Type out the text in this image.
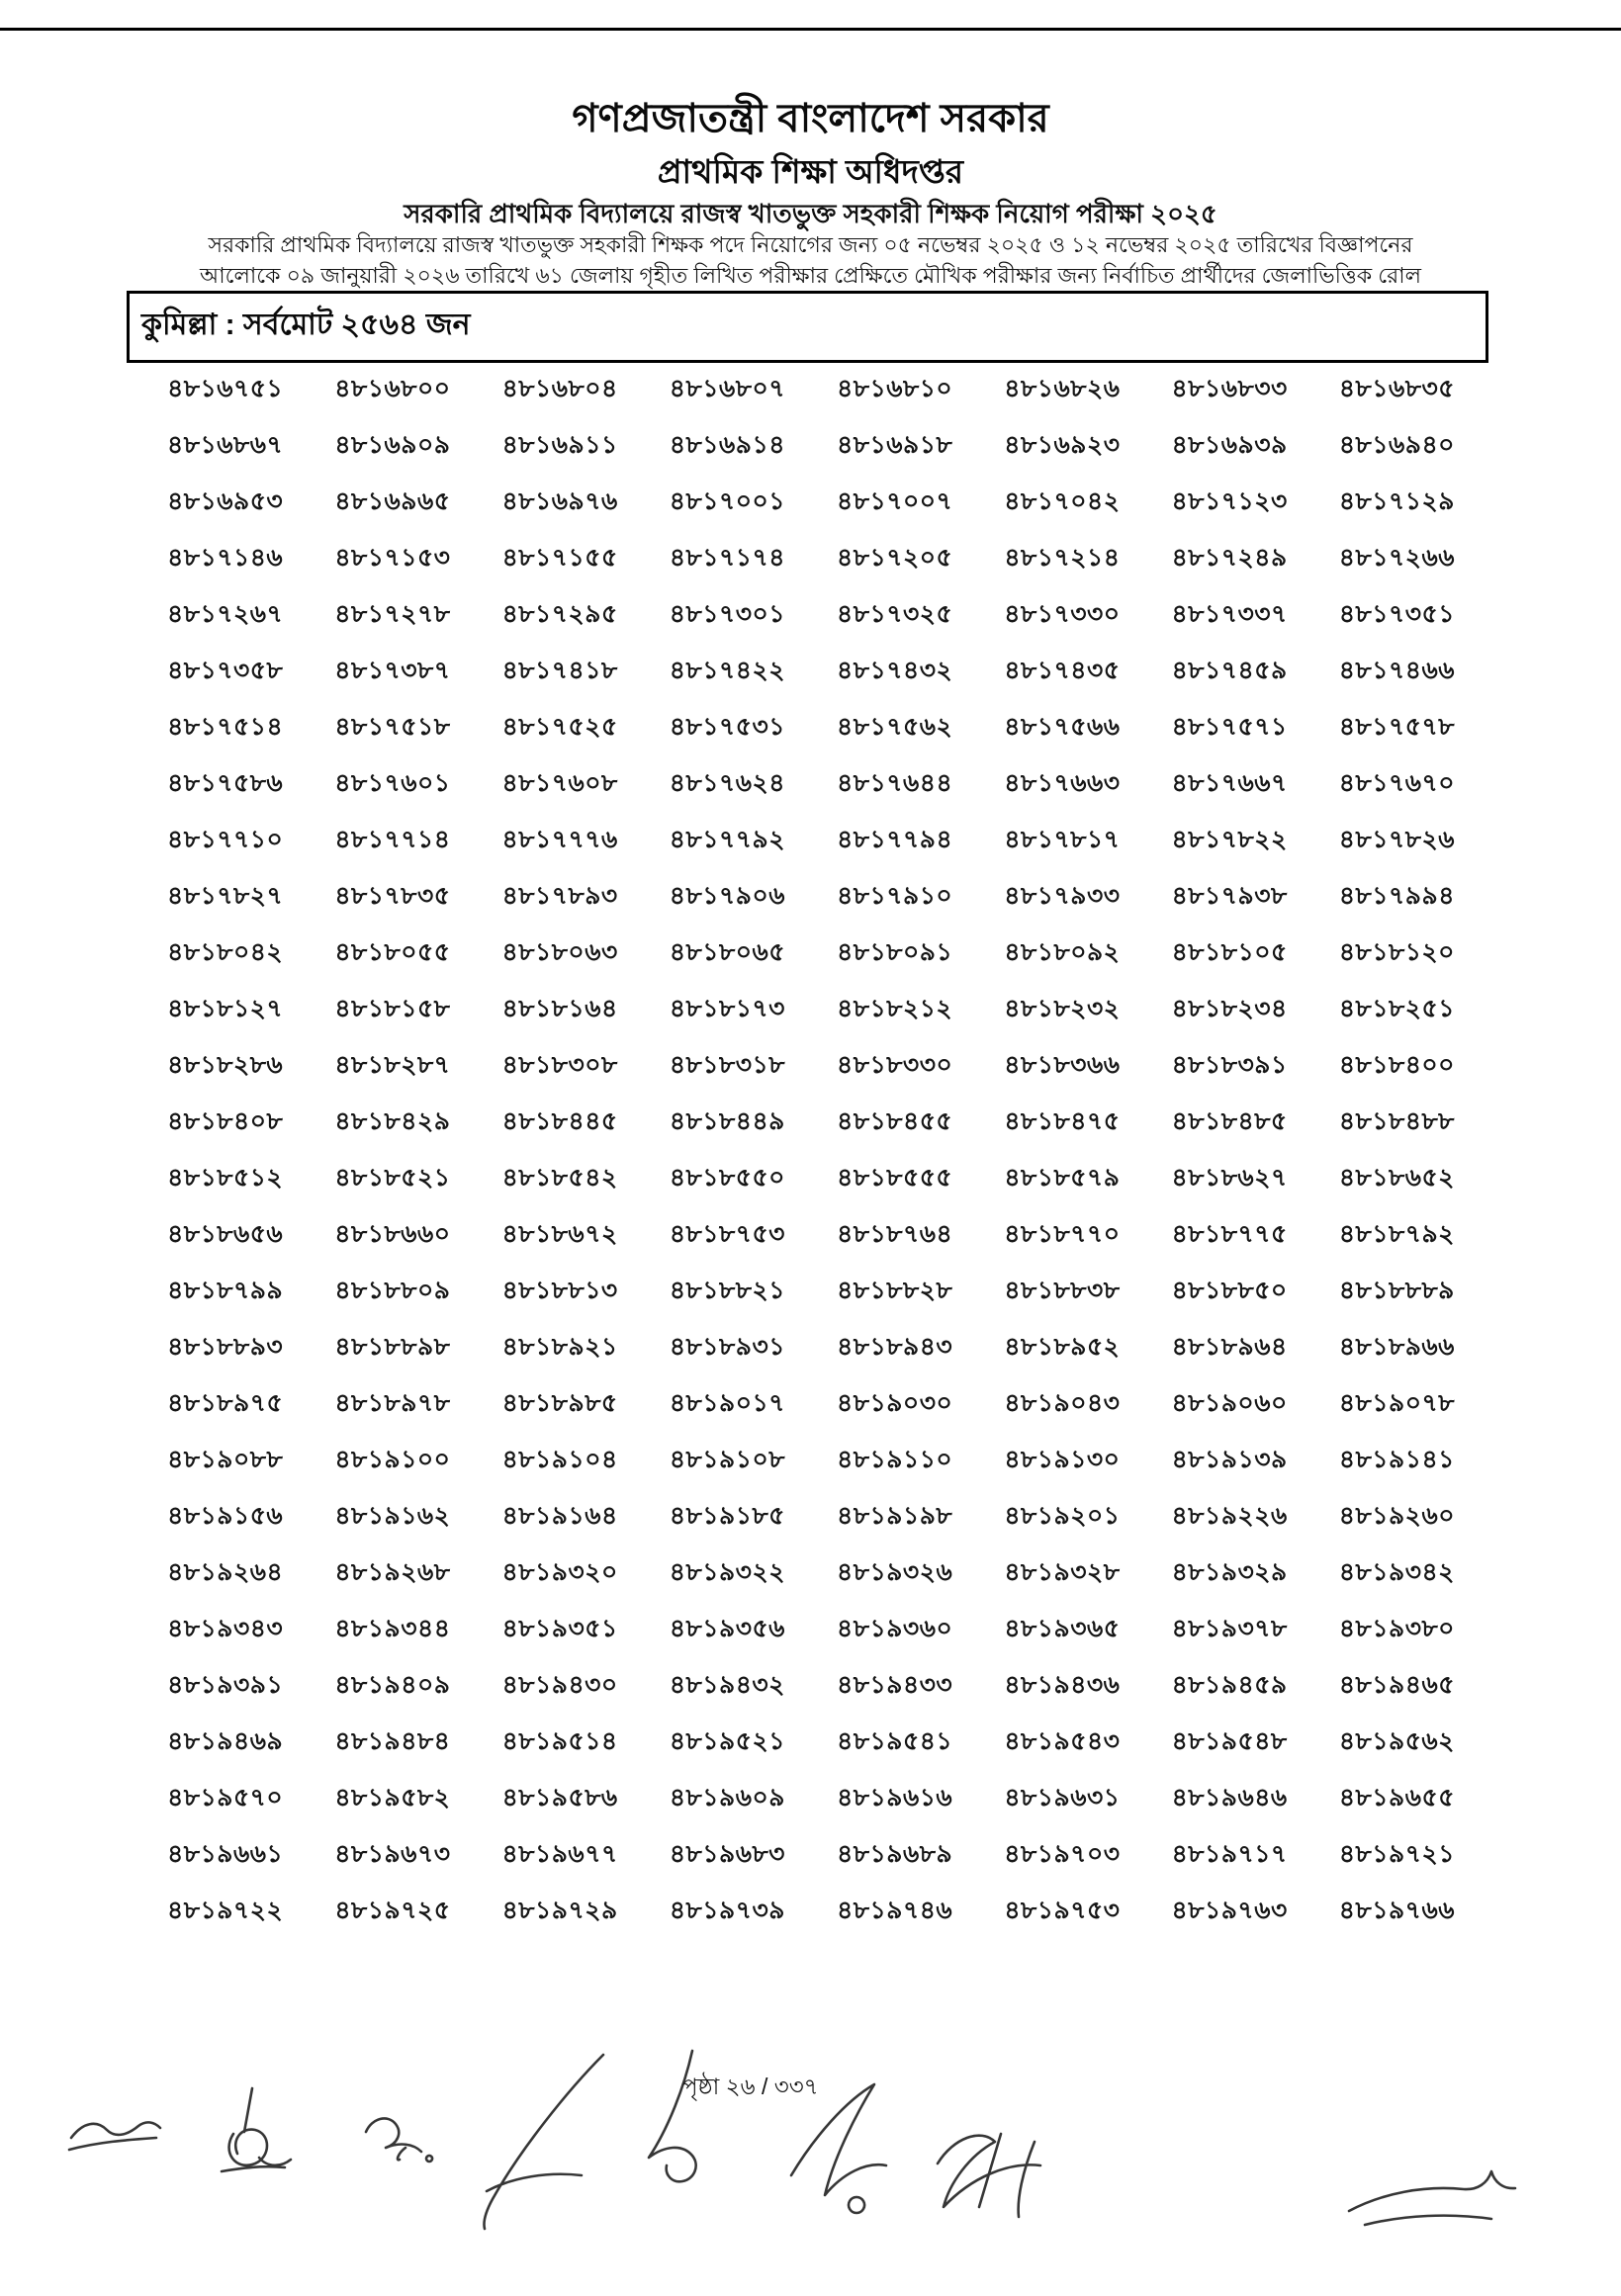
গণপ্রজাতন্ত্রী বাংলাদেশ সরকার
প্রাথমিক শিক্ষা অধিদপ্তর
সরকারি প্রাথমিক বিদ্যালয়ে রাজস্ব খাতভুক্ত সহকারী শিক্ষক নিয়োগ পরীক্ষা ২০২৫

সরকারি প্রাথমিক বিদ্যালয়ে রাজস্ব খাতভুক্ত সহকারী শিক্ষক পদে নিয়োগের জন্য ০৫ নভেম্বর ২০২৫ ও ১২ নভেম্বর ২০২৫ তারিখের বিজ্ঞাপনের
আলোকে ০৯ জানুয়ারী ২০২৬ তারিখে ৬১ জেলায় গৃহীত লিখিত পরীক্ষার প্রেক্ষিতে মৌখিক পরীক্ষার জন্য নির্বাচিত প্রার্থীদের জেলাভিত্তিক রোল

কুমিল্লা : সর্বমোট ২৫৬৪ জন
৪৮১৬৭৫১	৪৮১৬৮০০	৪৮১৬৮০৪	৪৮১৬৮০৭	৪৮১৬৮১০	৪৮১৬৮২৬	৪৮১৬৮৩৩	৪৮১৬৮৩৫
৪৮১৬৮৬৭	৪৮১৬৯০৯	৪৮১৬৯১১	৪৮১৬৯১৪	৪৮১৬৯১৮	৪৮১৬৯২৩	৪৮১৬৯৩৯	৪৮১৬৯৪০
৪৮১৬৯৫৩	৪৮১৬৯৬৫	৪৮১৬৯৭৬	৪৮১৭০০১	৪৮১৭০০৭	৪৮১৭০৪২	৪৮১৭১২৩	৪৮১৭১২৯
৪৮১৭১৪৬	৪৮১৭১৫৩	৪৮১৭১৫৫	৪৮১৭১৭৪	৪৮১৭২০৫	৪৮১৭২১৪	৪৮১৭২৪৯	৪৮১৭২৬৬
৪৮১৭২৬৭	৪৮১৭২৭৮	৪৮১৭২৯৫	৪৮১৭৩০১	৪৮১৭৩২৫	৪৮১৭৩৩০	৪৮১৭৩৩৭	৪৮১৭৩৫১
৪৮১৭৩৫৮	৪৮১৭৩৮৭	৪৮১৭৪১৮	৪৮১৭৪২২	৪৮১৭৪৩২	৪৮১৭৪৩৫	৪৮১৭৪৫৯	৪৮১৭৪৬৬
৪৮১৭৫১৪	৪৮১৭৫১৮	৪৮১৭৫২৫	৪৮১৭৫৩১	৪৮১৭৫৬২	৪৮১৭৫৬৬	৪৮১৭৫৭১	৪৮১৭৫৭৮
৪৮১৭৫৮৬	৪৮১৭৬০১	৪৮১৭৬০৮	৪৮১৭৬২৪	৪৮১৭৬৪৪	৪৮১৭৬৬৩	৪৮১৭৬৬৭	৪৮১৭৬৭০
৪৮১৭৭১০	৪৮১৭৭১৪	৪৮১৭৭৭৬	৪৮১৭৭৯২	৪৮১৭৭৯৪	৪৮১৭৮১৭	৪৮১৭৮২২	৪৮১৭৮২৬
৪৮১৭৮২৭	৪৮১৭৮৩৫	৪৮১৭৮৯৩	৪৮১৭৯০৬	৪৮১৭৯১০	৪৮১৭৯৩৩	৪৮১৭৯৩৮	৪৮১৭৯৯৪
৪৮১৮০৪২	৪৮১৮০৫৫	৪৮১৮০৬৩	৪৮১৮০৬৫	৪৮১৮০৯১	৪৮১৮০৯২	৪৮১৮১০৫	৪৮১৮১২০
৪৮১৮১২৭	৪৮১৮১৫৮	৪৮১৮১৬৪	৪৮১৮১৭৩	৪৮১৮২১২	৪৮১৮২৩২	৪৮১৮২৩৪	৪৮১৮২৫১
৪৮১৮২৮৬	৪৮১৮২৮৭	৪৮১৮৩০৮	৪৮১৮৩১৮	৪৮১৮৩৩০	৪৮১৮৩৬৬	৪৮১৮৩৯১	৪৮১৮৪০০
৪৮১৮৪০৮	৪৮১৮৪২৯	৪৮১৮৪৪৫	৪৮১৮৪৪৯	৪৮১৮৪৫৫	৪৮১৮৪৭৫	৪৮১৮৪৮৫	৪৮১৮৪৮৮
৪৮১৮৫১২	৪৮১৮৫২১	৪৮১৮৫৪২	৪৮১৮৫৫০	৪৮১৮৫৫৫	৪৮১৮৫৭৯	৪৮১৮৬২৭	৪৮১৮৬৫২
৪৮১৮৬৫৬	৪৮১৮৬৬০	৪৮১৮৬৭২	৪৮১৮৭৫৩	৪৮১৮৭৬৪	৪৮১৮৭৭০	৪৮১৮৭৭৫	৪৮১৮৭৯২
৪৮১৮৭৯৯	৪৮১৮৮০৯	৪৮১৮৮১৩	৪৮১৮৮২১	৪৮১৮৮২৮	৪৮১৮৮৩৮	৪৮১৮৮৫০	৪৮১৮৮৮৯
৪৮১৮৮৯৩	৪৮১৮৮৯৮	৪৮১৮৯২১	৪৮১৮৯৩১	৪৮১৮৯৪৩	৪৮১৮৯৫২	৪৮১৮৯৬৪	৪৮১৮৯৬৬
৪৮১৮৯৭৫	৪৮১৮৯৭৮	৪৮১৮৯৮৫	৪৮১৯০১৭	৪৮১৯০৩০	৪৮১৯০৪৩	৪৮১৯০৬০	৪৮১৯০৭৮
৪৮১৯০৮৮	৪৮১৯১০০	৪৮১৯১০৪	৪৮১৯১০৮	৪৮১৯১১০	৪৮১৯১৩০	৪৮১৯১৩৯	৪৮১৯১৪১
৪৮১৯১৫৬	৪৮১৯১৬২	৪৮১৯১৬৪	৪৮১৯১৮৫	৪৮১৯১৯৮	৪৮১৯২০১	৪৮১৯২২৬	৪৮১৯২৬০
৪৮১৯২৬৪	৪৮১৯২৬৮	৪৮১৯৩২০	৪৮১৯৩২২	৪৮১৯৩২৬	৪৮১৯৩২৮	৪৮১৯৩২৯	৪৮১৯৩৪২
৪৮১৯৩৪৩	৪৮১৯৩৪৪	৪৮১৯৩৫১	৪৮১৯৩৫৬	৪৮১৯৩৬০	৪৮১৯৩৬৫	৪৮১৯৩৭৮	৪৮১৯৩৮০
৪৮১৯৩৯১	৪৮১৯৪০৯	৪৮১৯৪৩০	৪৮১৯৪৩২	৪৮১৯৪৩৩	৪৮১৯৪৩৬	৪৮১৯৪৫৯	৪৮১৯৪৬৫
৪৮১৯৪৬৯	৪৮১৯৪৮৪	৪৮১৯৫১৪	৪৮১৯৫২১	৪৮১৯৫৪১	৪৮১৯৫৪৩	৪৮১৯৫৪৮	৪৮১৯৫৬২
৪৮১৯৫৭০	৪৮১৯৫৮২	৪৮১৯৫৮৬	৪৮১৯৬০৯	৪৮১৯৬১৬	৪৮১৯৬৩১	৪৮১৯৬৪৬	৪৮১৯৬৫৫
৪৮১৯৬৬১	৪৮১৯৬৭৩	৪৮১৯৬৭৭	৪৮১৯৬৮৩	৪৮১৯৬৮৯	৪৮১৯৭০৩	৪৮১৯৭১৭	৪৮১৯৭২১
৪৮১৯৭২২	৪৮১৯৭২৫	৪৮১৯৭২৯	৪৮১৯৭৩৯	৪৮১৯৭৪৬	৪৮১৯৭৫৩	৪৮১৯৭৬৩	৪৮১৯৭৬৬
পৃষ্ঠা ২৬ / ৩৩৭
